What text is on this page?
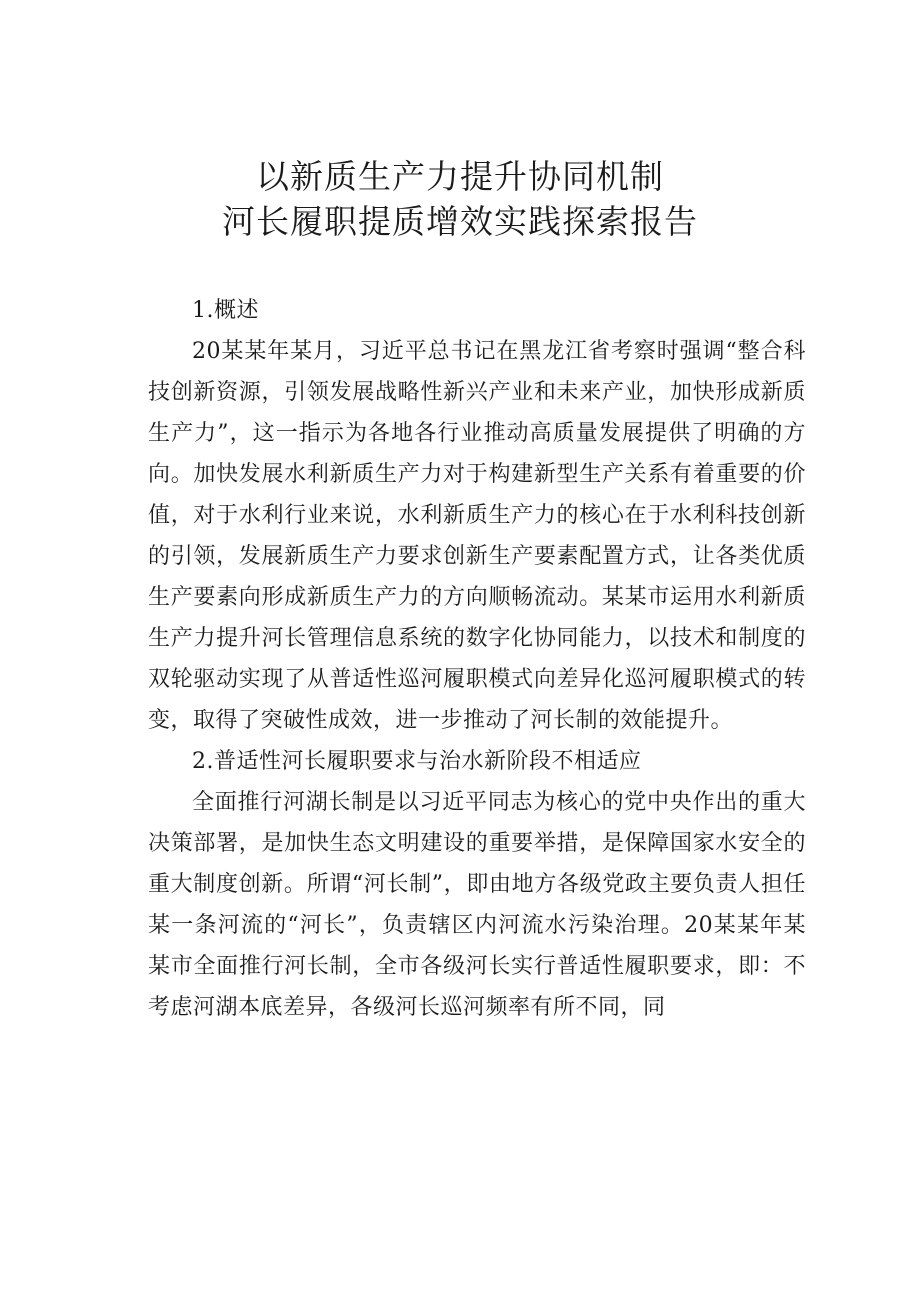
以新质生产力提升协同机制
河长履职提质增效实践探索报告

1.概述

20某某年某月，习近平总书记在黑龙江省考察时强调“整合科技创新资源，引领发展战略性新兴产业和未来产业，加快形成新质生产力”，这一指示为各地各行业推动高质量发展提供了明确的方向。加快发展水利新质生产力对于构建新型生产关系有着重要的价值，对于水利行业来说，水利新质生产力的核心在于水利科技创新的引领，发展新质生产力要求创新生产要素配置方式，让各类优质生产要素向形成新质生产力的方向顺畅流动。某某市运用水利新质生产力提升河长管理信息系统的数字化协同能力，以技术和制度的双轮驱动实现了从普适性巡河履职模式向差异化巡河履职模式的转变，取得了突破性成效，进一步推动了河长制的效能提升。

2.普适性河长履职要求与治水新阶段不相适应

全面推行河湖长制是以习近平同志为核心的党中央作出的重大决策部署，是加快生态文明建设的重要举措，是保障国家水安全的重大制度创新。所谓“河长制”，即由地方各级党政主要负责人担任某一条河流的“河长”，负责辖区内河流水污染治理。20某某年某某市全面推行河长制，全市各级河长实行普适性履职要求，即：不考虑河湖本底差异，各级河长巡河频率有所不同，同
